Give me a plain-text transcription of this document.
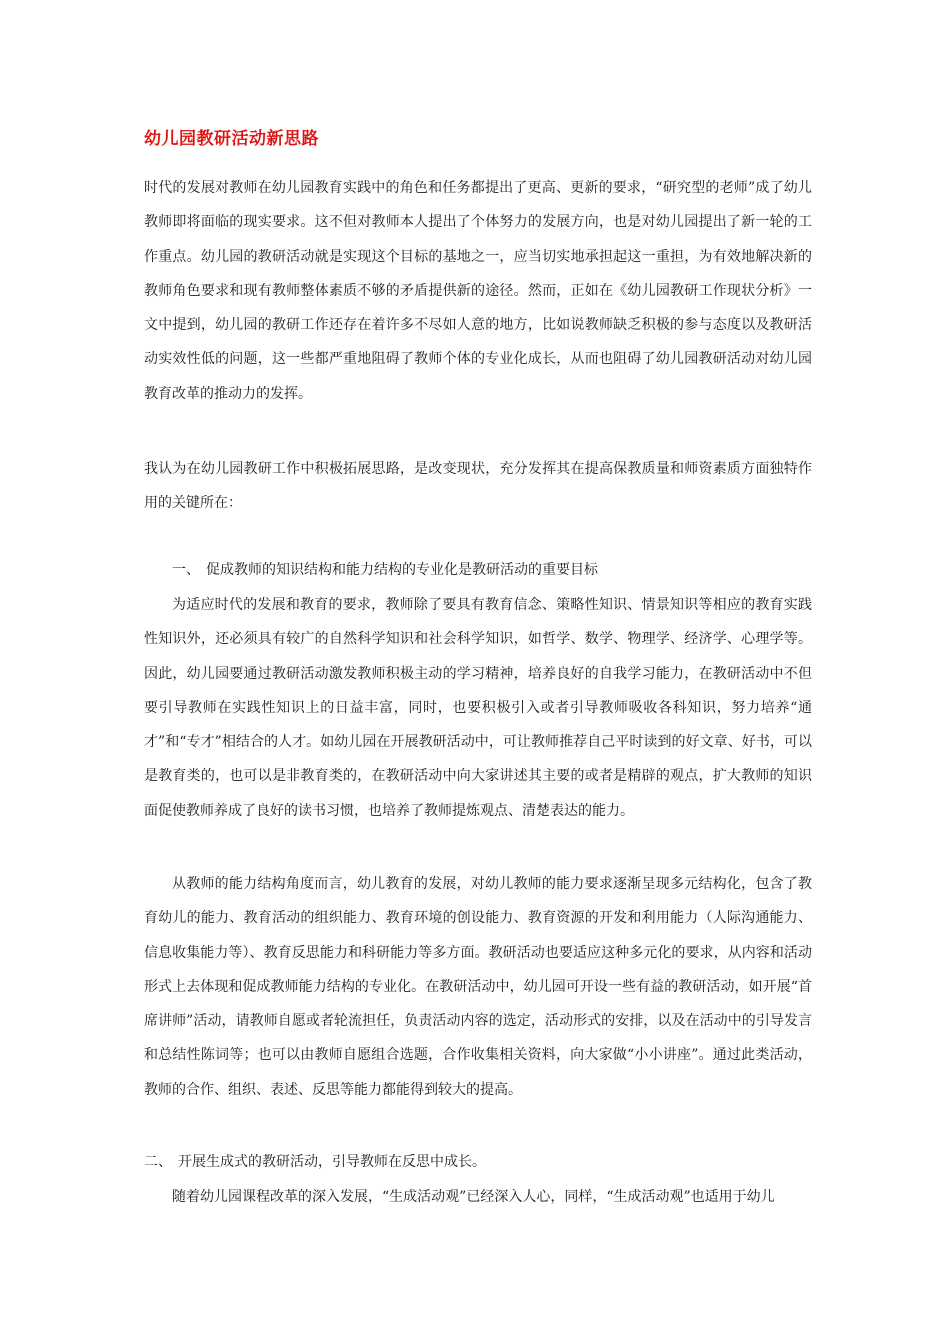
幼儿园教研活动新思路

时代的发展对教师在幼儿园教育实践中的角色和任务都提出了更高、更新的要求，“研究型的老师”成了幼儿教师即将面临的现实要求。这不但对教师本人提出了个体努力的发展方向，也是对幼儿园提出了新一轮的工作重点。幼儿园的教研活动就是实现这个目标的基地之一，应当切实地承担起这一重担，为有效地解决新的教师角色要求和现有教师整体素质不够的矛盾提供新的途径。然而，正如在《幼儿园教研工作现状分析》一文中提到，幼儿园的教研工作还存在着许多不尽如人意的地方，比如说教师缺乏积极的参与态度以及教研活动实效性低的问题，这一些都严重地阻碍了教师个体的专业化成长，从而也阻碍了幼儿园教研活动对幼儿园教育改革的推动力的发挥。

我认为在幼儿园教研工作中积极拓展思路，是改变现状，充分发挥其在提高保教质量和师资素质方面独特作用的关键所在：

一、 促成教师的知识结构和能力结构的专业化是教研活动的重要目标

为适应时代的发展和教育的要求，教师除了要具有教育信念、策略性知识、情景知识等相应的教育实践性知识外，还必须具有较广的自然科学知识和社会科学知识，如哲学、数学、物理学、经济学、心理学等。因此，幼儿园要通过教研活动激发教师积极主动的学习精神，培养良好的自我学习能力，在教研活动中不但要引导教师在实践性知识上的日益丰富，同时，也要积极引入或者引导教师吸收各科知识，努力培养“通才”和“专才”相结合的人才。如幼儿园在开展教研活动中，可让教师推荐自己平时读到的好文章、好书，可以是教育类的，也可以是非教育类的，在教研活动中向大家讲述其主要的或者是精辟的观点，扩大教师的知识面促使教师养成了良好的读书习惯，也培养了教师提炼观点、清楚表达的能力。

从教师的能力结构角度而言，幼儿教育的发展，对幼儿教师的能力要求逐渐呈现多元结构化，包含了教育幼儿的能力、教育活动的组织能力、教育环境的创设能力、教育资源的开发和利用能力（人际沟通能力、信息收集能力等）、教育反思能力和科研能力等多方面。教研活动也要适应这种多元化的要求，从内容和活动形式上去体现和促成教师能力结构的专业化。在教研活动中，幼儿园可开设一些有益的教研活动，如开展“首席讲师”活动，请教师自愿或者轮流担任，负责活动内容的选定，活动形式的安排，以及在活动中的引导发言和总结性陈词等；也可以由教师自愿组合选题，合作收集相关资料，向大家做“小小讲座”。通过此类活动，教师的合作、组织、表述、反思等能力都能得到较大的提高。

二、 开展生成式的教研活动，引导教师在反思中成长。

随着幼儿园课程改革的深入发展，“生成活动观”已经深入人心，同样，“生成活动观”也适用于幼儿
